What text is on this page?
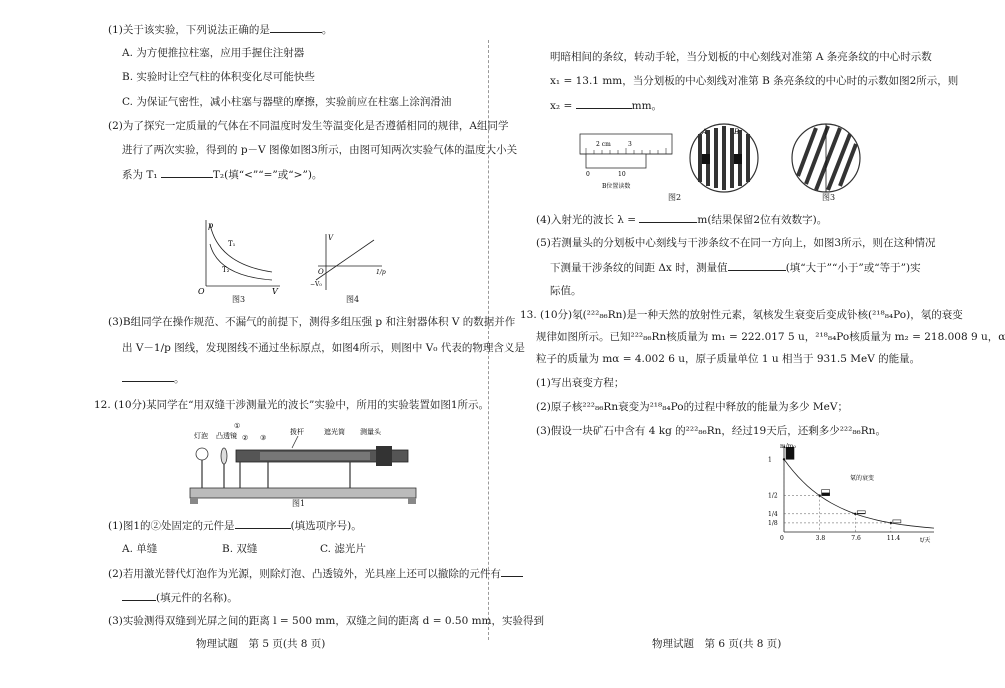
(1)关于该实验，下列说法正确的是	。
A. 为方便推拉柱塞，应用手握住注射器
B. 实验时让空气柱的体积变化尽可能快些
C. 为保证气密性，减小柱塞与器壁的摩擦，实验前应在柱塞上涂润滑油
(2)为了探究一定质量的气体在不同温度时发生等温变化是否遵循相同的规律，A组同学
进行了两次实验，得到的 p－V 图像如图3所示，由图可知两次实验气体的温度大小关
系为 T₁	T₂(填“<”“=”或“>”)。
p
V
O
T₁
T₂
图3
V
O
−V₀
1/p
图4
(3)B组同学在操作规范、不漏气的前提下，测得多组压强 p 和注射器体积 V 的数据并作
出 V－1/p 图线，发现图线不通过坐标原点，如图4所示，则图中 V₀ 代表的物理含义是
。
12. (10分)某同学在“用双缝干涉测量光的波长”实验中，所用的实验装置如图1所示。
灯泡 凸透镜
①
② ③
拨杆	遮光筒 测量头
图1
(1)图1的②处固定的元件是	(填选项序号)。
A. 单缝	B. 双缝	C. 滤光片
(2)若用激光替代灯泡作为光源，则除灯泡、凸透镜外，光具座上还可以撤除的元件有
(填元件的名称)。
(3)实验测得双缝到光屏之间的距离 l = 500 mm，双缝之间的距离 d = 0.50 mm，实验得到
物理试题　第 5 页(共 8 页)
明暗相间的条纹，转动手轮，当分划板的中心刻线对准第 A 条亮条纹的中心时示数
x₁ = 13.1 mm，当分划板的中心刻线对准第 B 条亮条纹的中心时的示数如图2所示，则
x₂ =	mm。
2 cm	3
0	10
B位置读数
A	B
图2	图3
(4)入射光的波长 λ =	m(结果保留2位有效数字)。
(5)若测量头的分划板中心刻线与干涉条纹不在同一方向上，如图3所示，则在这种情况
下测量干涉条纹的间距 Δx 时，测量值	(填“大于”“小于”或“等于”)实
际值。
13. (10分)氡(²²²₈₆Rn)是一种天然的放射性元素，氡核发生衰变后变成钋核(²¹⁸₈₄Po)，氡的衰变
规律如图所示。已知²²²₈₆Rn核质量为 m₁ = 222.017 5 u，²¹⁸₈₄Po核质量为 m₂ = 218.008 9 u，α
粒子的质量为 mα = 4.002 6 u，原子质量单位 1 u 相当于 931.5 MeV 的能量。
(1)写出衰变方程；
(2)原子核²²²₈₆Rn衰变为²¹⁸₈₄Po的过程中释放的能量为多少 MeV；
(3)假设一块矿石中含有 4 kg 的²²²₈₆Rn，经过19天后，还剩多少²²²₈₆Rn。
0
1
3.8
1/2
7.6
1/4
11.4
1/8
m/m₀
t/天
氡的衰变
物理试题　第 6 页(共 8 页)
